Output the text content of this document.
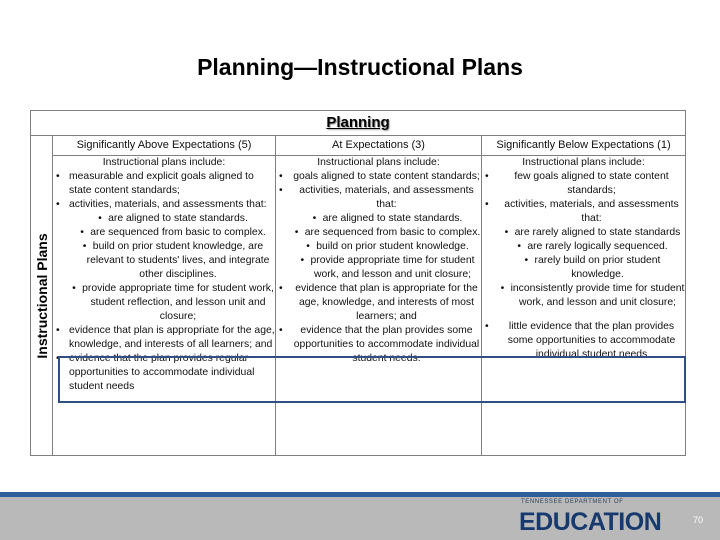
Planning—Instructional Plans
Planning
Instructional Plans
Significantly Above Expectations (5)

Instructional plans include:

• measurable and explicit goals aligned to state content standards;
• activities, materials, and assessments that:
• are aligned to state standards.
• are sequenced from basic to complex.
• build on prior student knowledge, are relevant to students' lives, and integrate other disciplines.
• provide appropriate time for student work, student reflection, and lesson unit and closure;
• evidence that plan is appropriate for the age, knowledge, and interests of all learners; and
• evidence that the plan provides regular opportunities to accommodate individual student needs
At Expectations (3)

Instructional plans include:

• goals aligned to state content standards;
• activities, materials, and assessments that:
• are aligned to state standards.
• are sequenced from basic to complex.
• build on prior student knowledge.
• provide appropriate time for student work, and lesson and unit closure;
• evidence that plan is appropriate for the age, knowledge, and interests of most learners; and
• evidence that the plan provides some opportunities to accommodate individual student needs.
Significantly Below Expectations (1)

Instructional plans include:

• few goals aligned to state content standards;
• activities, materials, and assessments that:
• are rarely aligned to state standards
• are rarely logically sequenced.
• rarely build on prior student knowledge.
• inconsistently provide time for student work, and lesson and unit closure;
• little evidence that the plan provides some opportunities to accommodate individual student needs
TENNESSEE DEPARTMENT OF
EDUCATION	70
